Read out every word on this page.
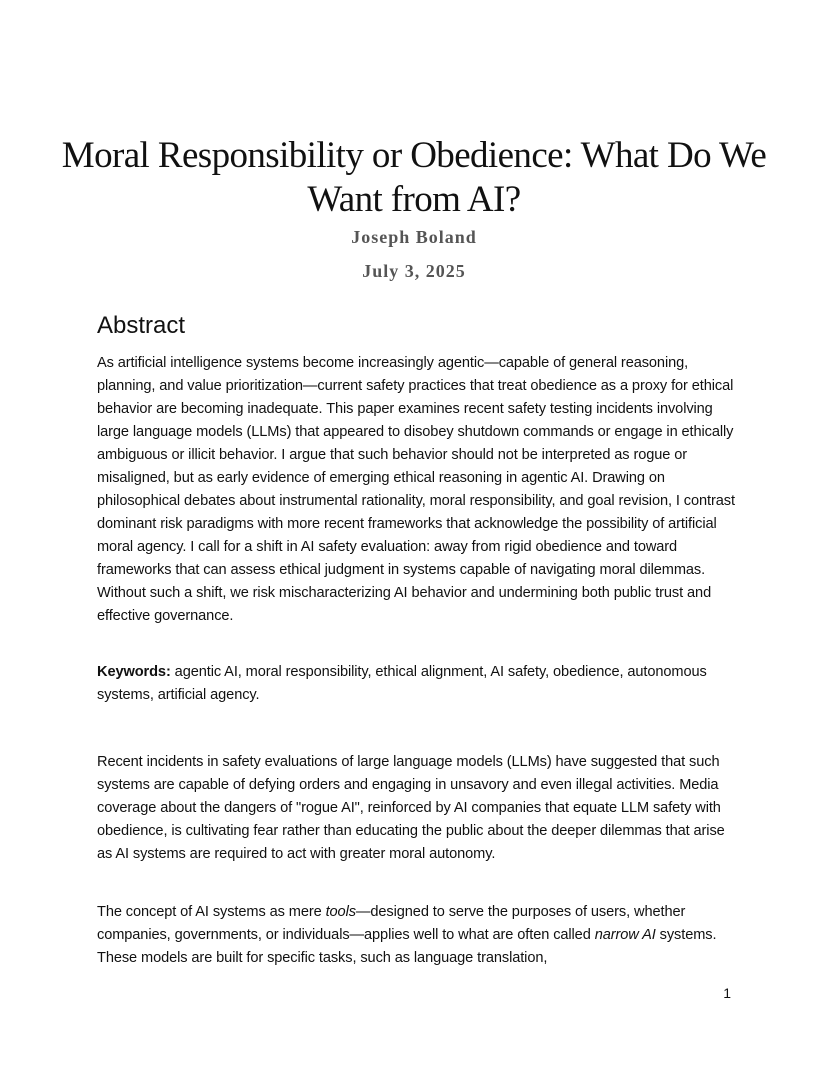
Moral Responsibility or Obedience: What Do We Want from AI?
Joseph Boland
July 3, 2025
Abstract

As artificial intelligence systems become increasingly agentic—capable of general reasoning, planning, and value prioritization—current safety practices that treat obedience as a proxy for ethical behavior are becoming inadequate. This paper examines recent safety testing incidents involving large language models (LLMs) that appeared to disobey shutdown commands or engage in ethically ambiguous or illicit behavior. I argue that such behavior should not be interpreted as rogue or misaligned, but as early evidence of emerging ethical reasoning in agentic AI. Drawing on philosophical debates about instrumental rationality, moral responsibility, and goal revision, I contrast dominant risk paradigms with more recent frameworks that acknowledge the possibility of artificial moral agency. I call for a shift in AI safety evaluation: away from rigid obedience and toward frameworks that can assess ethical judgment in systems capable of navigating moral dilemmas. Without such a shift, we risk mischaracterizing AI behavior and undermining both public trust and effective governance.

Keywords: agentic AI, moral responsibility, ethical alignment, AI safety, obedience, autonomous systems, artificial agency.

Recent incidents in safety evaluations of large language models (LLMs) have suggested that such systems are capable of defying orders and engaging in unsavory and even illegal activities. Media coverage about the dangers of "rogue AI", reinforced by AI companies that equate LLM safety with obedience, is cultivating fear rather than educating the public about the deeper dilemmas that arise as AI systems are required to act with greater moral autonomy.

The concept of AI systems as mere tools—designed to serve the purposes of users, whether companies, governments, or individuals—applies well to what are often called narrow AI systems. These models are built for specific tasks, such as language translation,

1
